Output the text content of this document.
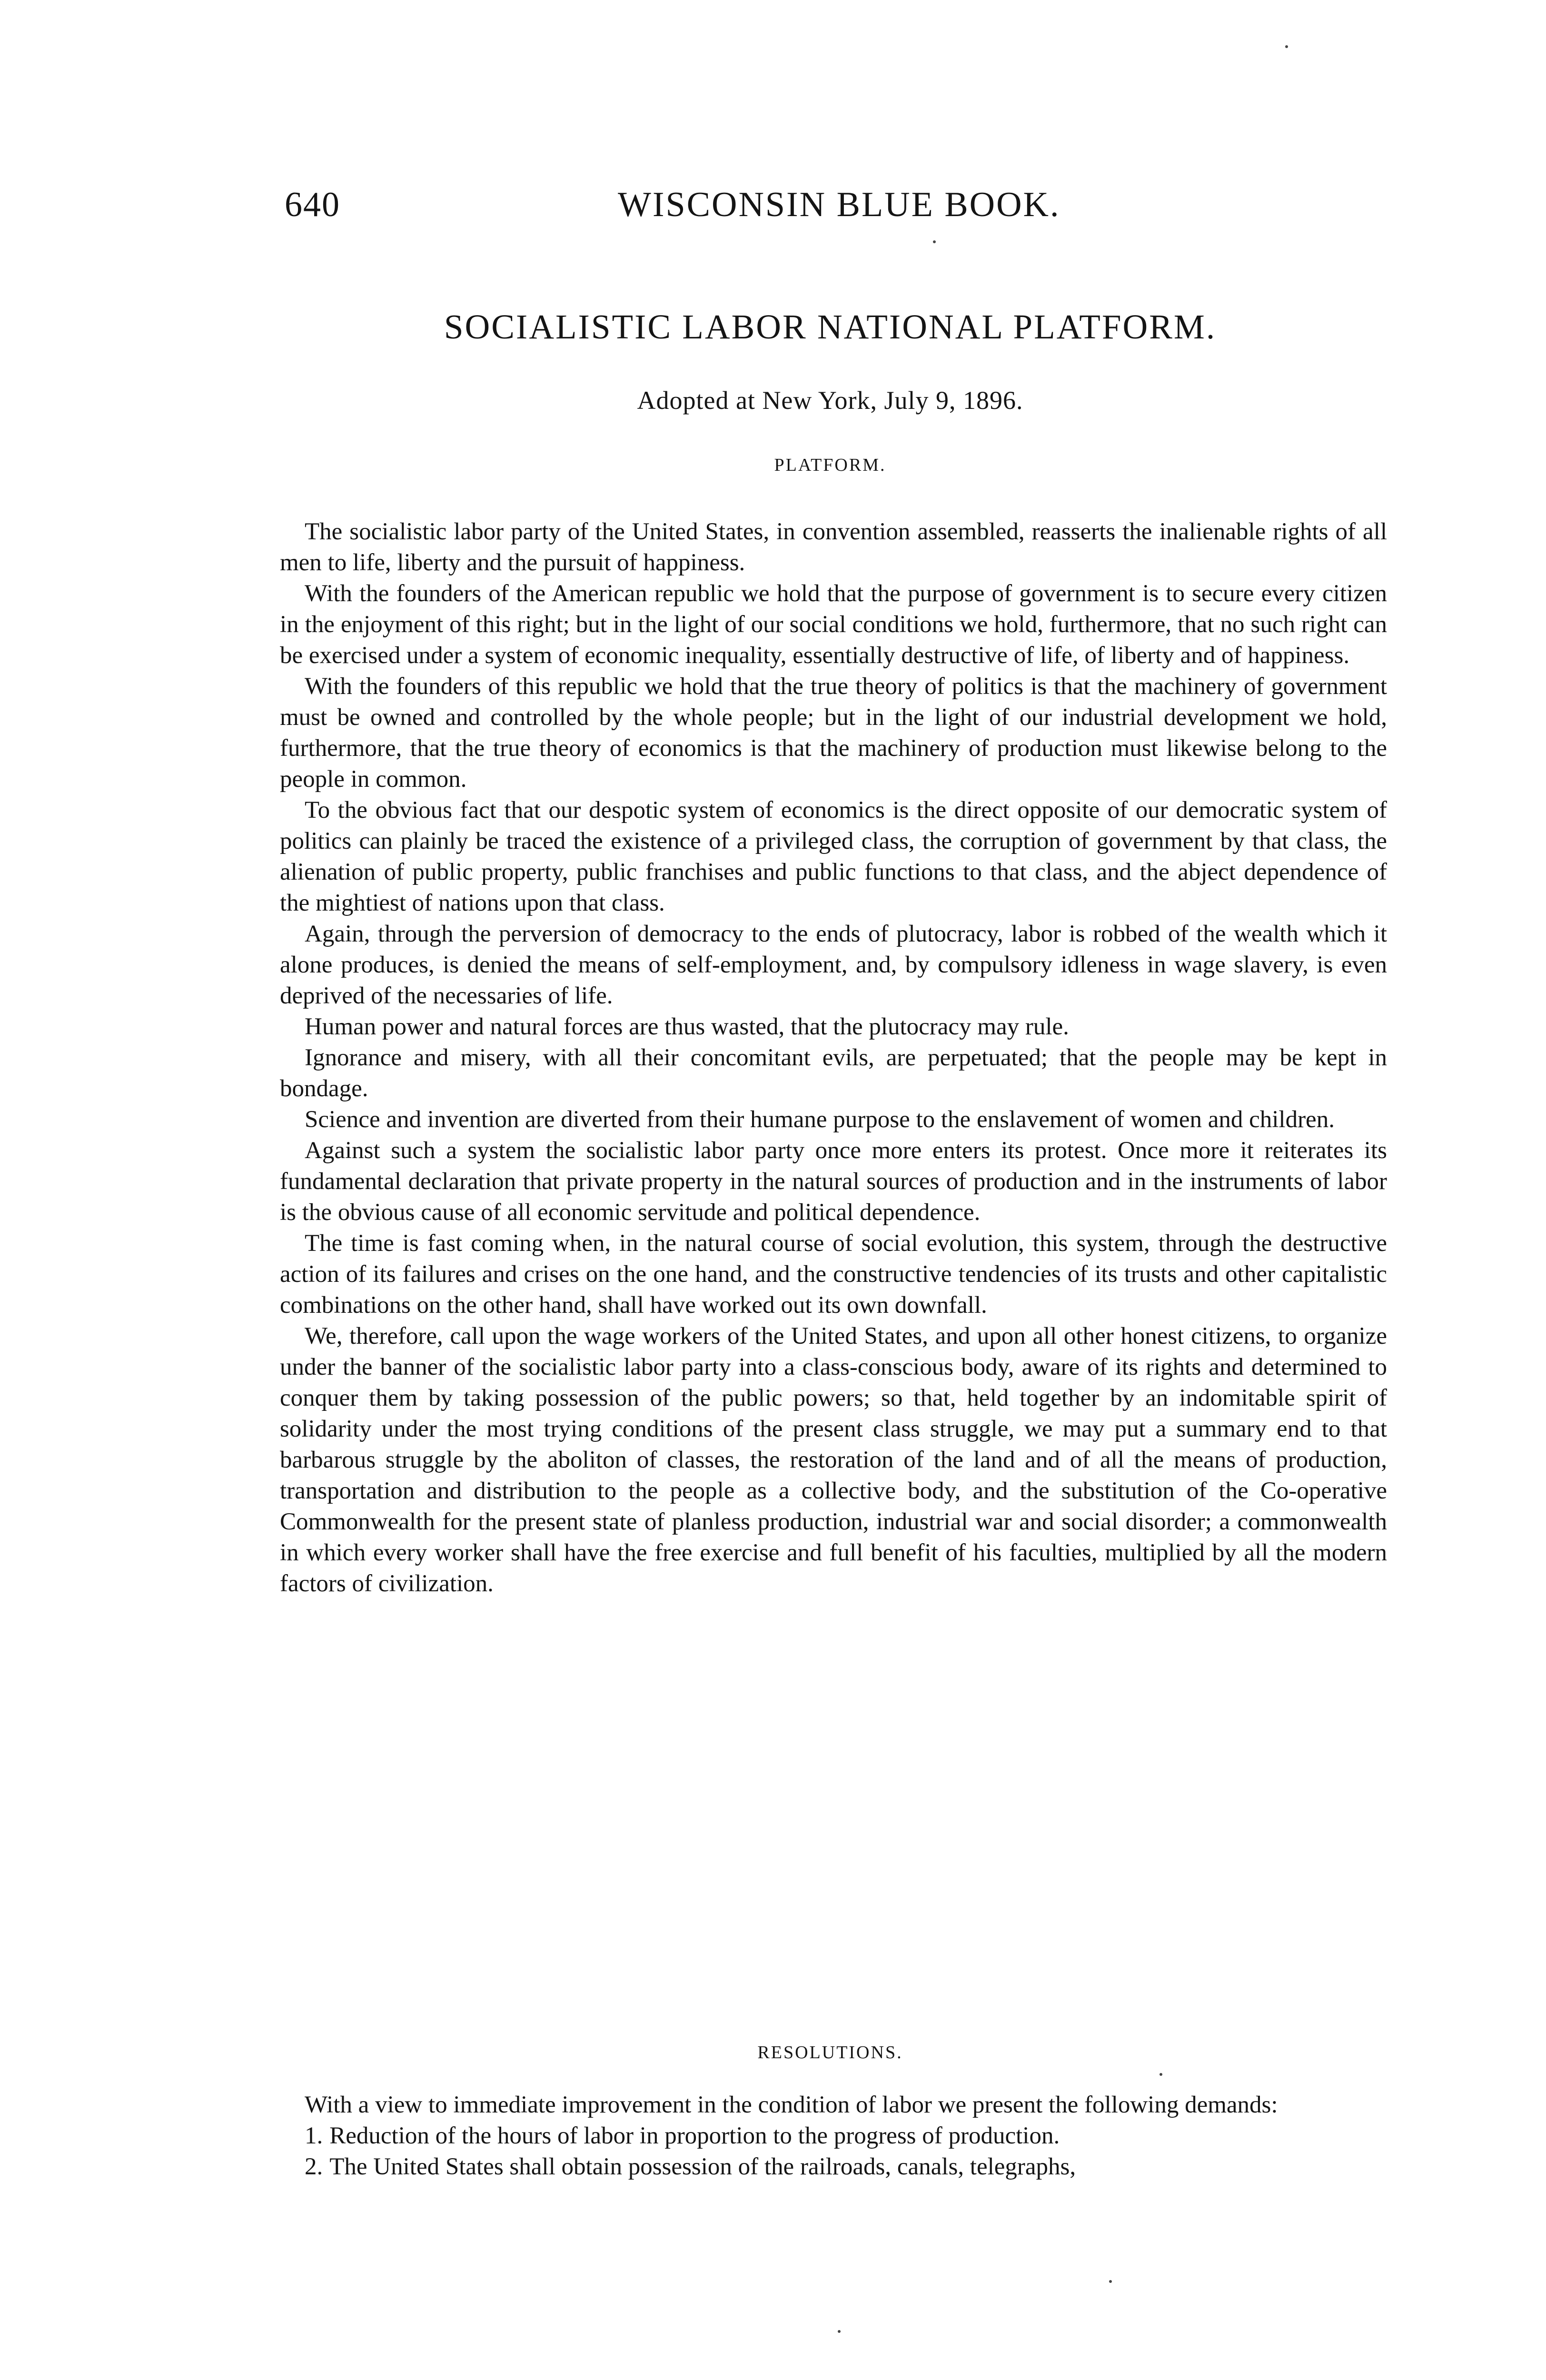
640	WISCONSIN BLUE BOOK.
SOCIALISTIC LABOR NATIONAL PLATFORM.
Adopted at New York, July 9, 1896.
PLATFORM.

The socialistic labor party of the United States, in convention assembled, reasserts the inalienable rights of all men to life, liberty and the pursuit of happiness.

With the founders of the American republic we hold that the purpose of government is to secure every citizen in the enjoyment of this right; but in the light of our social conditions we hold, furthermore, that no such right can be exercised under a system of economic inequality, essentially destructive of life, of liberty and of happiness.

With the founders of this republic we hold that the true theory of politics is that the machinery of government must be owned and controlled by the whole people; but in the light of our industrial development we hold, furthermore, that the true theory of economics is that the machinery of production must likewise belong to the people in common.

To the obvious fact that our despotic system of economics is the direct opposite of our democratic system of politics can plainly be traced the existence of a privileged class, the corruption of government by that class, the alienation of public property, public franchises and public functions to that class, and the abject dependence of the mightiest of nations upon that class.

Again, through the perversion of democracy to the ends of plutocracy, labor is robbed of the wealth which it alone produces, is denied the means of self-employment, and, by compulsory idleness in wage slavery, is even deprived of the necessaries of life.

Human power and natural forces are thus wasted, that the plutocracy may rule.

Ignorance and misery, with all their concomitant evils, are perpetuated; that the people may be kept in bondage.

Science and invention are diverted from their humane purpose to the enslavement of women and children.

Against such a system the socialistic labor party once more enters its protest. Once more it reiterates its fundamental declaration that private property in the natural sources of production and in the instruments of labor is the obvious cause of all economic servitude and political dependence.

The time is fast coming when, in the natural course of social evolution, this system, through the destructive action of its failures and crises on the one hand, and the constructive tendencies of its trusts and other capitalistic combinations on the other hand, shall have worked out its own downfall.

We, therefore, call upon the wage workers of the United States, and upon all other honest citizens, to organize under the banner of the socialistic labor party into a class-conscious body, aware of its rights and determined to conquer them by taking possession of the public powers; so that, held together by an indomitable spirit of solidarity under the most trying conditions of the present class struggle, we may put a summary end to that barbarous struggle by the aboliton of classes, the restoration of the land and of all the means of production, transportation and distribution to the people as a collective body, and the substitution of the Co-operative Commonwealth for the present state of planless production, industrial war and social disorder; a commonwealth in which every worker shall have the free exercise and full benefit of his faculties, multiplied by all the modern factors of civilization.

RESOLUTIONS.

With a view to immediate improvement in the condition of labor we present the following demands:

1. Reduction of the hours of labor in proportion to the progress of production.

2. The United States shall obtain possession of the railroads, canals, telegraphs,
